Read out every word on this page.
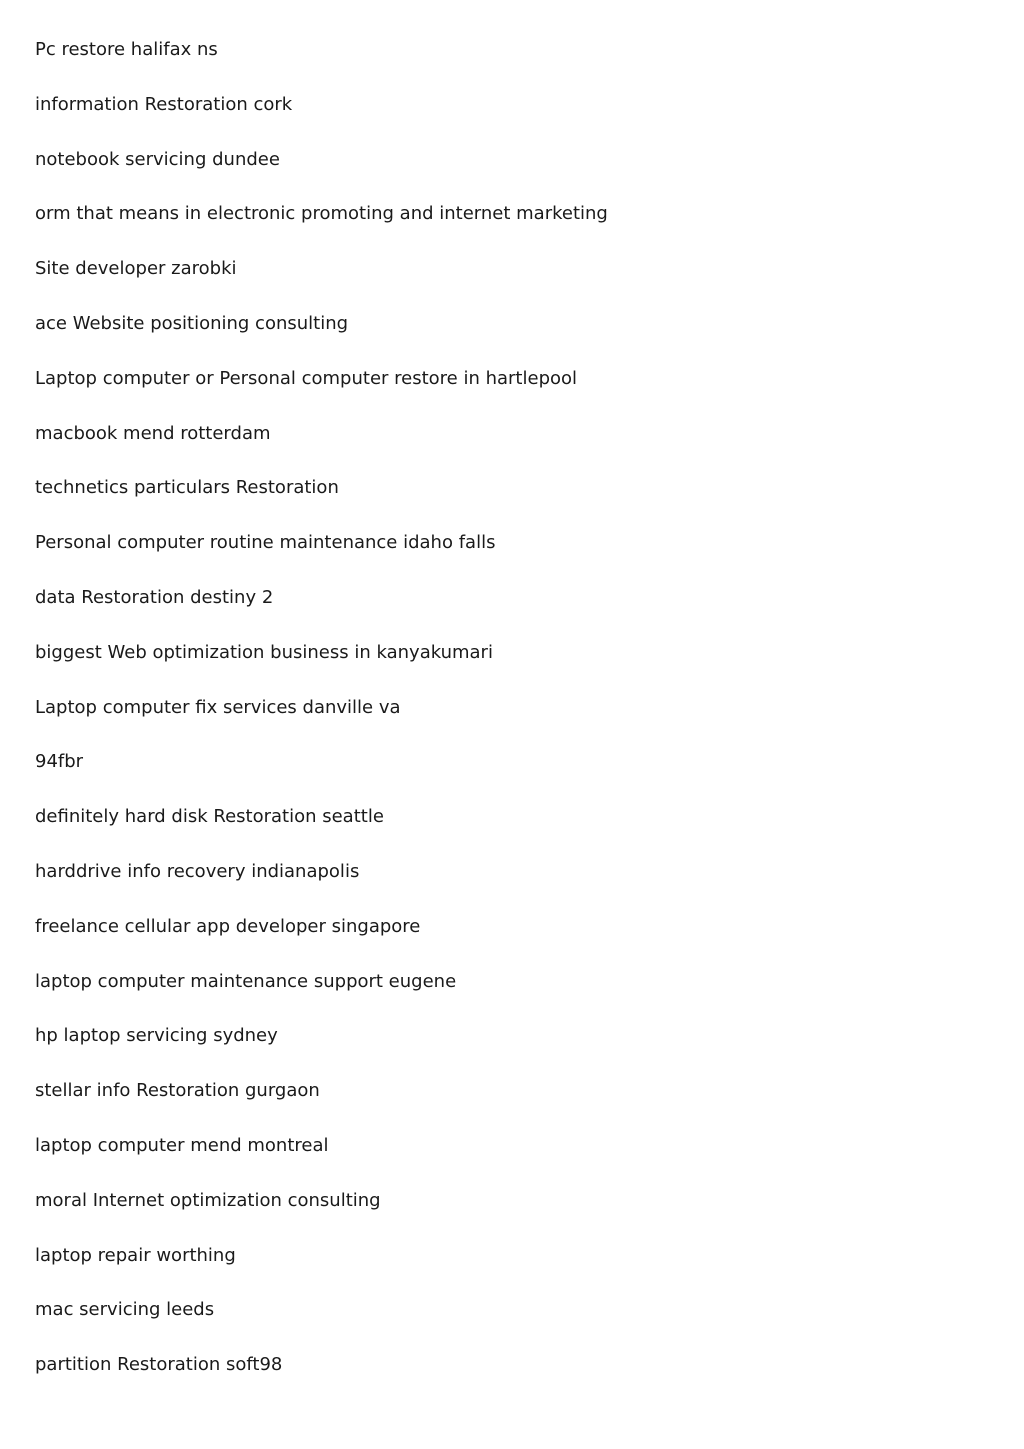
Pc restore halifax ns
information Restoration cork
notebook servicing dundee
orm that means in electronic promoting and internet marketing
Site developer zarobki
ace Website positioning consulting
Laptop computer or Personal computer restore in hartlepool
macbook mend rotterdam
technetics particulars Restoration
Personal computer routine maintenance idaho falls
data Restoration destiny 2
biggest Web optimization business in kanyakumari
Laptop computer fix services danville va
94fbr
definitely hard disk Restoration seattle
harddrive info recovery indianapolis
freelance cellular app developer singapore
laptop computer maintenance support eugene
hp laptop servicing sydney
stellar info Restoration gurgaon
laptop computer mend montreal
moral Internet optimization consulting
laptop repair worthing
mac servicing leeds
partition Restoration soft98
